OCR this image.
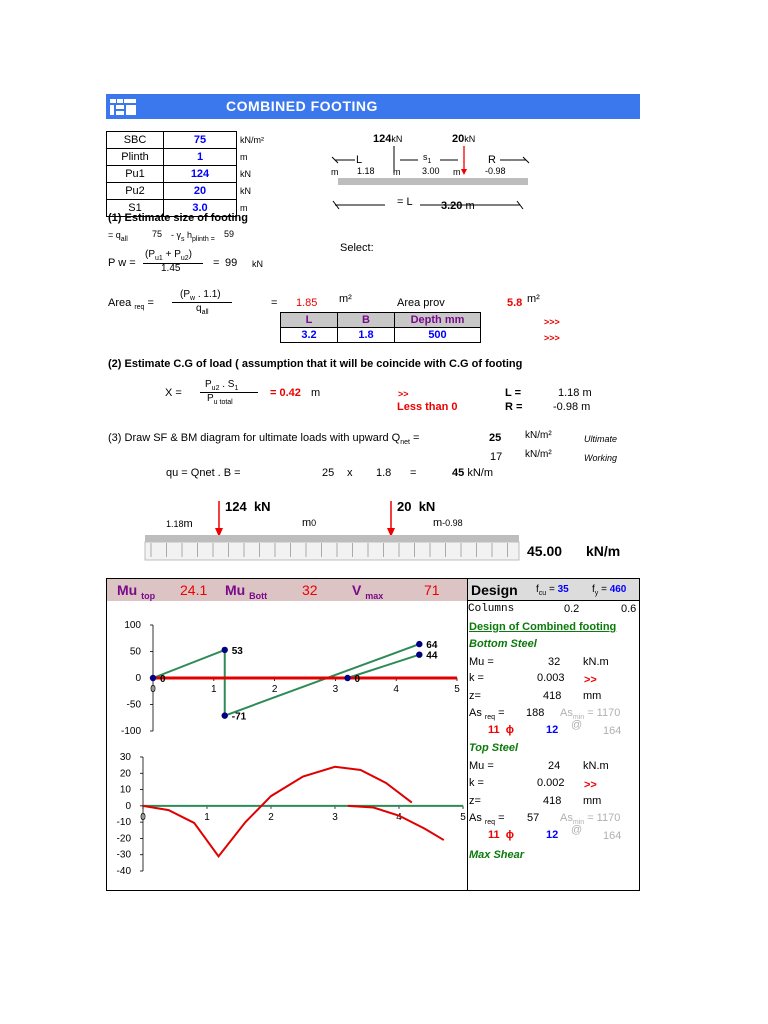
COMBINED FOOTING
SBC	75	kN/m²
Plinth	1	m
Pu1	124	kN
Pu2	20	kN
S1	3.0	m
124kN	20kN
L	$s_1$	R
m 1.18 m 3.00 m	-0.98
= L	3.20 m
(1) Estimate size of footing
= $q_{all}$
$75 - \gamma_s$ $h_{plinth =}$
59
Select:
P w =
$(P_{u1} + P_{u2})$
1.45	= 99 kN
Area $_{req}$ =
($P_w$ . 1.1)
$q_{all}$
= 1.85 m²	Area prov	5.8 m²
L	B	Depth mm
3.2	1.8	500
>>>
>>>
(2) Estimate C.G of load ( assumption that it will be coincide with C.G of footing
X =
$P_{u2}$ . $S_1$
$P_{u total}$
= 0.42 m	>>
Less than 0
L =	1.18 m
R =	-0.98 m
(3) Draw SF & BM diagram for ultimate loads with upward $Q_{net}$ =	25 kN/m²	Ultimate
17 kN/m²	Working
qu = Qnet . B =	25 x 1.8 =	45 kN/m
124 kN	20 kN
1.18m	m0	m-0.98
45.00 kN/m
Mu $_{top}$ 24.1 Mu $_{Bott}$ 32 V $_{max}$	71 Design $f_{cu} = 35$ $f_y = 460$
100
50
0
-50
-100
0	1	2	3	4	5
0
53
-71
0
64
44
30
20
10
0
-10
-20
-30
-40
0	1	2	3	4	5
Columns	0.2	0.6
Design of Combined footing
Bottom Steel
Mu =	32 kN.m
k =	0.003 >>
z=	418 mm
As $_{req}$ = 188 $As_{min} = 1170$
11 ϕ	12 @ 164
Top Steel
Mu =	24 kN.m
k =	0.002 >>
z=	418 mm
As $_{req}$ = 57 $As_{min} = 1170$
11 ϕ	12 @ 164
Max Shear
